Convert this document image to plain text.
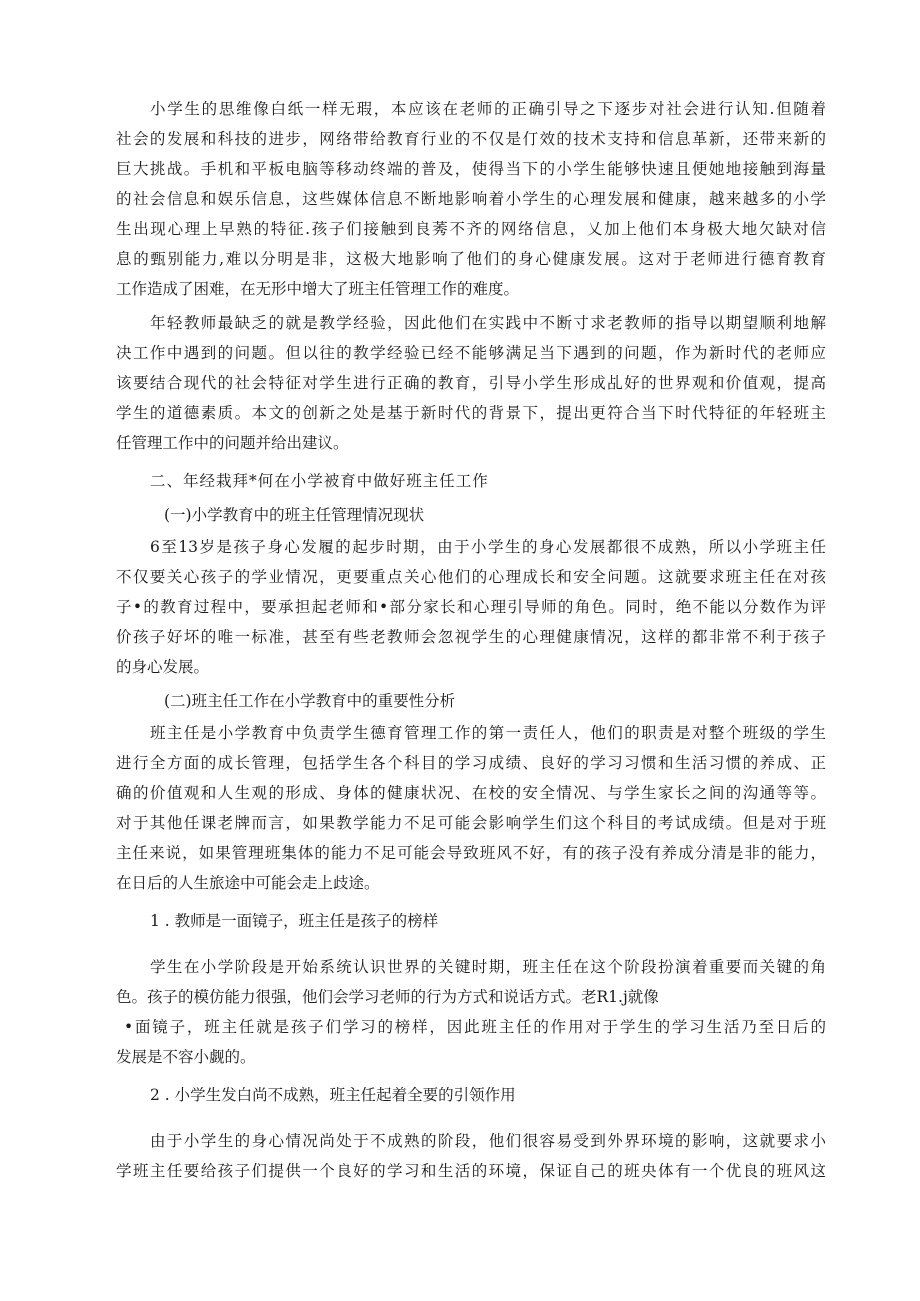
小学生的思维像白纸一样无瑕，本应该在老师的正确引导之下逐步对社会进行认知.但随着
社会的发展和科技的进步，网络带给教育行业的不仅是仃效的技术支持和信息革新，还带来新的
巨大挑战。手机和平板电脑等移动终端的普及，使得当下的小学生能够快速且便她地接触到海量
的社会信息和娱乐信息，这些媒体信息不断地影响着小学生的心理发展和健康，越来越多的小学
生出现心理上早熟的特征.孩子们接触到良莠不齐的网络信息，乂加上他们本身极大地欠缺对信
息的甄别能力,难以分明是非，这极大地影响了他们的身心健康发展。这对于老师进行德育教育
工作造成了困难，在无形中增大了班主任管理工作的难度。
年轻教师最缺乏的就是教学经验，因此他们在实践中不断寸求老教师的指导以期望顺利地解
决工作中遇到的问题。但以往的教学经验已经不能够满足当下遇到的问题，作为新时代的老师应
该要结合现代的社会特征对学生进行正确的教育，引导小学生形成乩好的世界观和价值观，提高
学生的道德素质。本文的创新之处是基于新时代的背景下，提出更符合当下时代特征的年轻班主
任管理工作中的问题并给出建议。
二、年经栽拜*何在小学被育中做好班主任工作
(一)小学教育中的班主任管理情况现状
6至13岁是孩子身心发履的起步时期，由于小学生的身心发展都很不成熟，所以小学班主任
不仅要关心孩子的学业情况，更要重点关心他们的心理成长和安全问题。这就要求班主任在对孩
子•的教育过程中，要承担起老师和•部分家长和心理引导师的角色。同时，绝不能以分数作为评
价孩子好坏的唯一标准，甚至有些老教师会忽视学生的心理健康情况，这样的都非常不利于孩子
的身心发展。
(二)班主任工作在小学教育中的重要性分析
班主任是小学教育中负责学生德育管理工作的第一责任人，他们的职责是对整个班级的学生
进行全方面的成长管理，包括学生各个科目的学习成绩、良好的学习习惯和生活习惯的养成、正
确的价值观和人生观的形成、身体的健康状况、在校的安全情况、与学生家长之间的沟通等等。
对于其他任课老牌而言，如果教学能力不足可能会影响学生们这个科目的考试成绩。但是对于班
主任来说，如果管理班集体的能力不足可能会导致班风不好，有的孩子没有养成分清是非的能力，
在日后的人生旅途中可能会走上歧途。
1 . 教师是一面镜子，班主任是孩子的榜样
学生在小学阶段是开始系统认识世界的关键时期，班主任在这个阶段扮演着重要而关键的角
色。孩子的模仿能力很强，他们会学习老师的行为方式和说话方式。老R1.j就像
•面镜子，班主任就是孩子们学习的榜样，因此班主任的作用对于学生的学习生活乃至日后的
发展是不容小觑的。
2 . 小学生发白尚不成熟，班主任起着全要的引领作用
由于小学生的身心情况尚处于不成熟的阶段，他们很容易受到外界环境的影响，这就要求小
学班主任要给孩子们提供一个良好的学习和生活的环境，保证自己的班央体有一个优良的班风这
